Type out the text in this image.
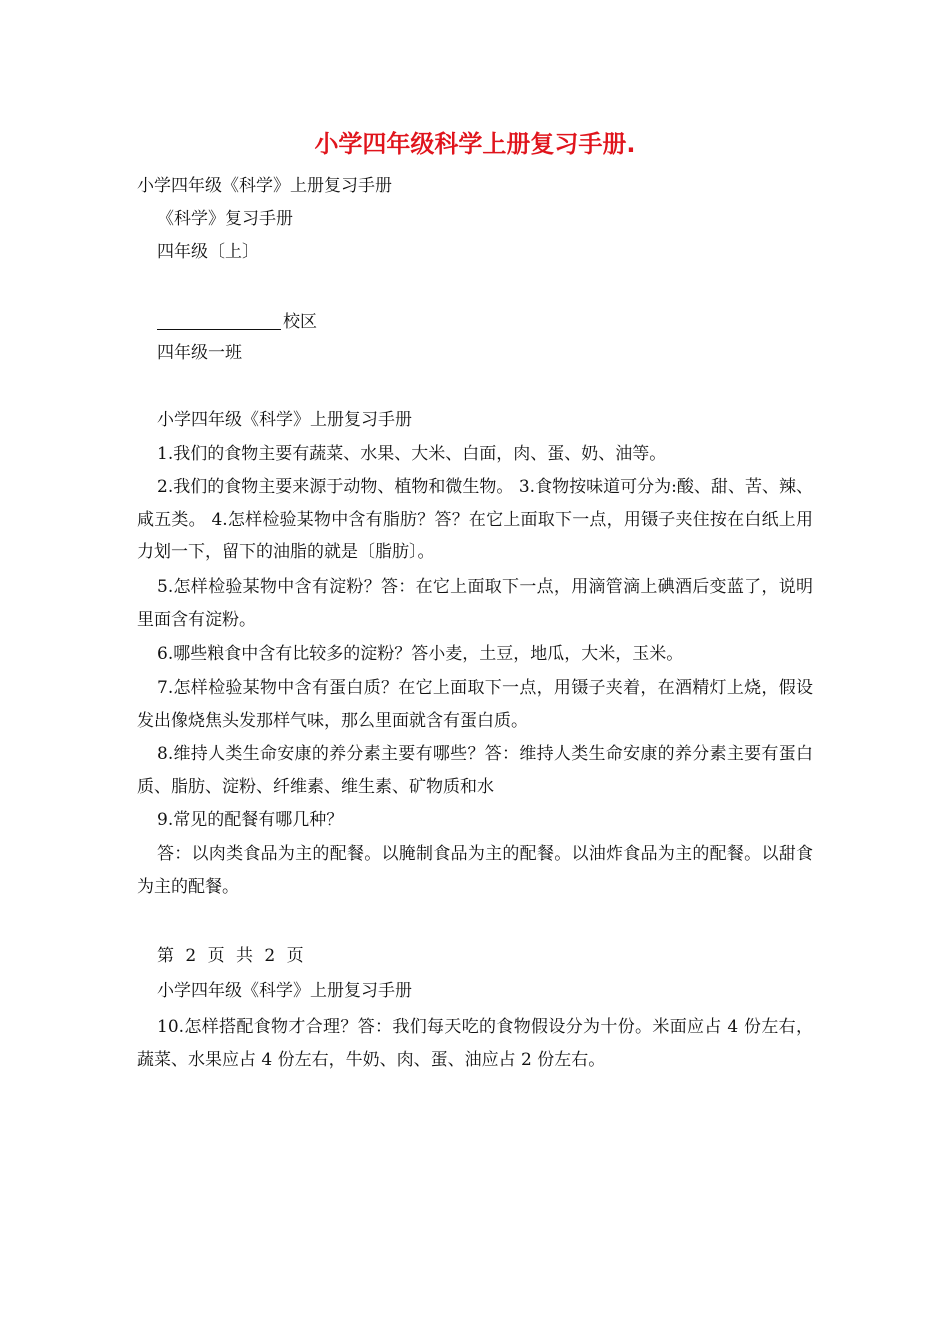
小学四年级科学上册复习手册.
小学四年级《科学》上册复习手册
《科学》复习手册
四年级〔上〕
校区
四年级一班
小学四年级《科学》上册复习手册
1.我们的食物主要有蔬菜、水果、大米、白面，肉、蛋、奶、油等。
2.我们的食物主要来源于动物、植物和微生物。 3.食物按味道可分为:酸、甜、苦、辣、咸五类。 4.怎样检验某物中含有脂肪？答？在它上面取下一点，用镊子夹住按在白纸上用力划一下，留下的油脂的就是〔脂肪〕。
5.怎样检验某物中含有淀粉？答：在它上面取下一点，用滴管滴上碘酒后变蓝了，说明里面含有淀粉。
6.哪些粮食中含有比较多的淀粉？答小麦，土豆，地瓜，大米，玉米。
7.怎样检验某物中含有蛋白质？在它上面取下一点，用镊子夹着，在酒精灯上烧，假设发出像烧焦头发那样气味，那么里面就含有蛋白质。
8.维持人类生命安康的养分素主要有哪些？答：维持人类生命安康的养分素主要有蛋白质、脂肪、淀粉、纤维素、维生素、矿物质和水
9.常见的配餐有哪几种？
答：以肉类食品为主的配餐。以腌制食品为主的配餐。以油炸食品为主的配餐。以甜食为主的配餐。
第 2 页 共 2 页
小学四年级《科学》上册复习手册
10.怎样搭配食物才合理？答：我们每天吃的食物假设分为十份。米面应占 4 份左右，蔬菜、水果应占 4 份左右，牛奶、肉、蛋、油应占 2 份左右。
